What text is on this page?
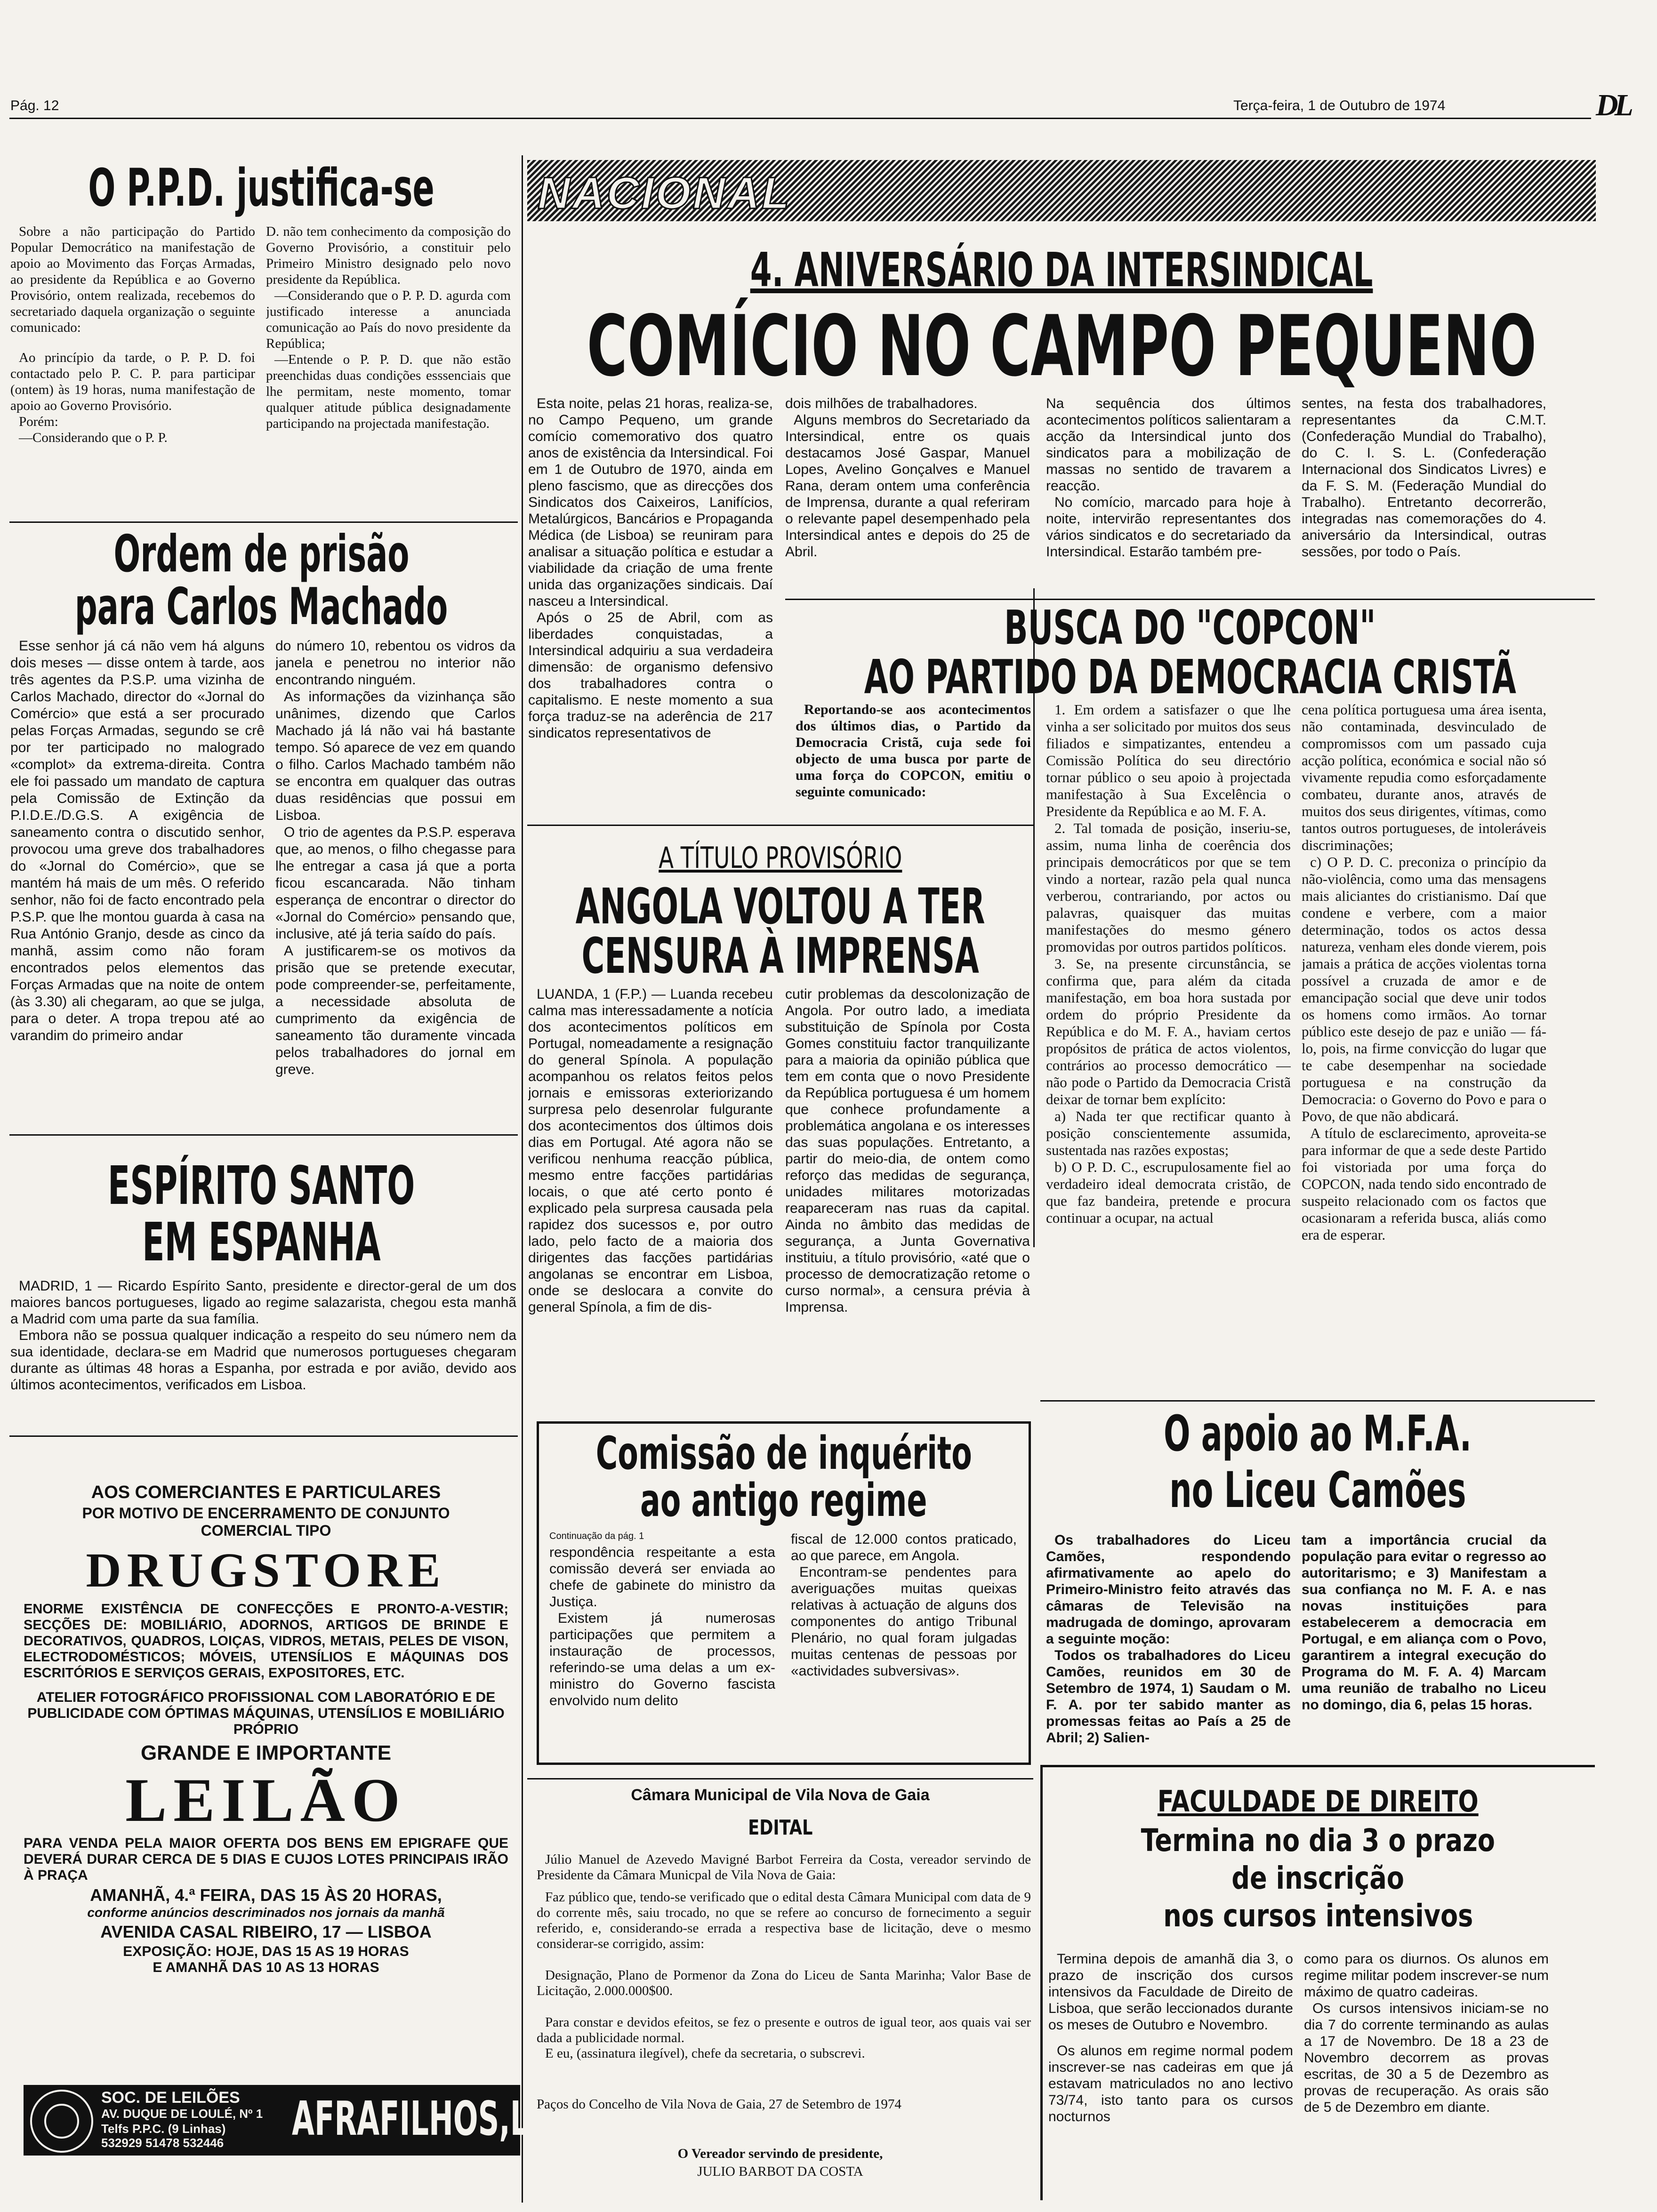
Pág. 12	Terça-feira, 1 de Outubro de 1974	DL
O P.P.D. justifica-se

Sobre a não participação do Partido Popular Democrático na manifestação de apoio ao Movimento das Forças Armadas, ao presidente da República e ao Governo Provisório, ontem realizada, recebemos do secretariado daquela organização o seguinte comunicado:

Ao princípio da tarde, o P. P. D. foi contactado pelo P. C. P. para participar (ontem) às 19 horas, numa manifestação de apoio ao Governo Provisório.

Porém:

—Considerando que o P. P.

D. não tem conhecimento da composição do Governo Provisório, a constituir pelo Primeiro Ministro designado pelo novo presidente da República.

—Considerando que o P. P. D. agurda com justificado interesse a anunciada comunicação ao País do novo presidente da República;

—Entende o P. P. D. que não estão preenchidas duas condições esssenciais que lhe permitam, neste momento, tomar qualquer atitude pública designadamente participando na projectada manifestação.

Ordem de prisão
para Carlos Machado

Esse senhor já cá não vem há alguns dois meses — disse ontem à tarde, aos três agentes da P.S.P. uma vizinha de Carlos Machado, director do «Jornal do Comércio» que está a ser procurado pelas Forças Armadas, segundo se crê por ter participado no malogrado «complot» da extrema-direita. Contra ele foi passado um mandato de captura pela Comissão de Extinção da P.I.D.E./D.G.S. A exigência de saneamento contra o discutido senhor, provocou uma greve dos trabalhadores do «Jornal do Comércio», que se mantém há mais de um mês. O referido senhor, não foi de facto encontrado pela P.S.P. que lhe montou guarda à casa na Rua António Granjo, desde as cinco da manhã, assim como não foram encontrados pelos elementos das Forças Armadas que na noite de ontem (às 3.30) ali chegaram, ao que se julga, para o deter. A tropa trepou até ao varandim do primeiro andar

do número 10, rebentou os vidros da janela e penetrou no interior não encontrando ninguém.

As informações da vizinhança são unânimes, dizendo que Carlos Machado já lá não vai há bastante tempo. Só aparece de vez em quando o filho. Carlos Machado também não se encontra em qualquer das outras duas residências que possui em Lisboa.

O trio de agentes da P.S.P. esperava que, ao menos, o filho chegasse para lhe entregar a casa já que a porta ficou escancarada. Não tinham esperança de encontrar o director do «Jornal do Comércio» pensando que, inclusive, até já teria saído do país.

A justificarem-se os motivos da prisão que se pretende executar, pode compreender-se, perfeitamente, a necessidade absoluta de cumprimento da exigência de saneamento tão duramente vincada pelos trabalhadores do jornal em greve.

ESPÍRITO SANTO
EM ESPANHA

MADRID, 1 — Ricardo Espírito Santo, presidente e director-geral de um dos maiores bancos portugueses, ligado ao regime salazarista, chegou esta manhã a Madrid com uma parte da sua família.

Embora não se possua qualquer indicação a respeito do seu número nem da sua identidade, declara-se em Madrid que numerosos portugueses chegaram durante as últimas 48 horas a Espanha, por estrada e por avião, devido aos últimos acontecimentos, verificados em Lisboa.

AOS COMERCIANTES E PARTICULARES
POR MOTIVO DE ENCERRAMENTO DE CONJUNTO COMERCIAL TIPO
DRUGSTORE
ENORME EXISTÊNCIA DE CONFECÇÕES E PRONTO-A-VESTIR; SECÇÕES DE: MOBILIÁRIO, ADORNOS, ARTIGOS DE BRINDE E DECORATIVOS, QUADROS, LOIÇAS, VIDROS, METAIS, PELES DE VISON, ELECTRODOMÉSTICOS; MÓVEIS, UTENSÍLIOS E MÁQUINAS DOS ESCRITÓRIOS E SERVIÇOS GERAIS, EXPOSITORES, ETC.
ATELIER FOTOGRÁFICO PROFISSIONAL COM LABORATÓRIO E DE PUBLICIDADE COM ÓPTIMAS MÁQUINAS, UTENSÍLIOS E MOBILIÁRIO PRÓPRIO
GRANDE E IMPORTANTE
LEILÃO
PARA VENDA PELA MAIOR OFERTA DOS BENS EM EPIGRAFE QUE DEVERÁ DURAR CERCA DE 5 DIAS E CUJOS LOTES PRINCIPAIS IRÃO À PRAÇA
AMANHÃ, 4.ª FEIRA, DAS 15 ÀS 20 HORAS,
conforme anúncios descriminados nos jornais da manhã
AVENIDA CASAL RIBEIRO, 17 — LISBOA
EXPOSIÇÃO: HOJE, DAS 15 AS 19 HORAS
E AMANHÃ DAS 10 AS 13 HORAS
SOC. DE LEILÕES
AV. DUQUE DE LOULÉ, Nº 1
Telfs P.P.C. (9 Linhas)
532929 51478 532446 AFRAFILHOS,Lda
NACIONAL
4. ANIVERSÁRIO DA INTERSINDICAL
COMÍCIO NO CAMPO PEQUENO

Esta noite, pelas 21 horas, realiza-se, no Campo Pequeno, um grande comício comemorativo dos quatro anos de existência da Intersindical. Foi em 1 de Outubro de 1970, ainda em pleno fascismo, que as direcções dos Sindicatos dos Caixeiros, Lanifícios, Metalúrgicos, Bancários e Propaganda Médica (de Lisboa) se reuniram para analisar a situação política e estudar a viabilidade da criação de uma frente unida das organizações sindicais. Daí nasceu a Intersindical.

Após o 25 de Abril, com as liberdades conquistadas, a Intersindical adquiriu a sua verdadeira dimensão: de organismo defensivo dos trabalhadores contra o capitalismo. E neste momento a sua força traduz-se na aderência de 217 sindicatos representativos de

dois milhões de trabalhadores.

Alguns membros do Secretariado da Intersindical, entre os quais destacamos José Gaspar, Manuel Lopes, Avelino Gonçalves e Manuel Rana, deram ontem uma conferência de Imprensa, durante a qual referiram o relevante papel desempenhado pela Intersindical antes e depois do 25 de Abril.

Na sequência dos últimos acontecimentos políticos salientaram a acção da Intersindical junto dos sindicatos para a mobilização de massas no sentido de travarem a reacção.

No comício, marcado para hoje à noite, intervirão representantes dos vários sindicatos e do secretariado da Intersindical. Estarão também pre-

sentes, na festa dos trabalhadores, representantes da C.M.T. (Confederação Mundial do Trabalho), do C. I. S. L. (Confederação Internacional dos Sindicatos Livres) e da F. S. M. (Federação Mundial do Trabalho). Entretanto decorrerão, integradas nas comemorações do 4. aniversário da Intersindical, outras sessões, por todo o País.

BUSCA DO "COPCON"
AO PARTIDO DA DEMOCRACIA CRISTÃ

Reportando-se aos acontecimentos dos últimos dias, o Partido da Democracia Cristã, cuja sede foi objecto de uma busca por parte de uma força do COPCON, emitiu o seguinte comunicado:

1. Em ordem a satisfazer o que lhe vinha a ser solicitado por muitos dos seus filiados e simpatizantes, entendeu a Comissão Política do seu directório tornar público o seu apoio à projectada manifestação à Sua Excelência o Presidente da República e ao M. F. A.

2. Tal tomada de posição, inseriu-se, assim, numa linha de coerência dos principais democráticos por que se tem vindo a nortear, razão pela qual nunca verberou, contrariando, por actos ou palavras, quaisquer das muitas manifestações do mesmo género promovidas por outros partidos políticos.

3. Se, na presente circunstância, se confirma que, para além da citada manifestação, em boa hora sustada por ordem do próprio Presidente da República e do M. F. A., haviam certos propósitos de prática de actos violentos, contrários ao processo democrático — não pode o Partido da Democracia Cristã deixar de tornar bem explícito:

a) Nada ter que rectificar quanto à posição conscientemente assumida, sustentada nas razões expostas;

b) O P. D. C., escrupulosamente fiel ao verdadeiro ideal democrata cristão, de que faz bandeira, pretende e procura continuar a ocupar, na actual

cena política portuguesa uma área isenta, não contaminada, desvinculado de compromissos com um passado cuja acção política, económica e social não só vivamente repudia como esforçadamente combateu, durante anos, através de muitos dos seus dirigentes, vítimas, como tantos outros portugueses, de intoleráveis discriminações;

c) O P. D. C. preconiza o princípio da não-violência, como uma das mensagens mais aliciantes do cristianismo. Daí que condene e verbere, com a maior determinação, todos os actos dessa natureza, venham eles donde vierem, pois jamais a prática de acções violentas torna possível a cruzada de amor e de emancipação social que deve unir todos os homens como irmãos. Ao tornar público este desejo de paz e união — fá-lo, pois, na firme convicção do lugar que te cabe desempenhar na sociedade portuguesa e na construção da Democracia: o Governo do Povo e para o Povo, de que não abdicará.

A título de esclarecimento, aproveita-se para informar de que a sede deste Partido foi vistoriada por uma força do COPCON, nada tendo sido encontrado de suspeito relacionado com os factos que ocasionaram a referida busca, aliás como era de esperar.

A TÍTULO PROVISÓRIO
ANGOLA VOLTOU A TER
CENSURA À IMPRENSA

LUANDA, 1 (F.P.) — Luanda recebeu calma mas interessadamente a notícia dos acontecimentos políticos em Portugal, nomeadamente a resignação do general Spínola. A população acompanhou os relatos feitos pelos jornais e emissoras exteriorizando surpresa pelo desenrolar fulgurante dos acontecimentos dos últimos dois dias em Portugal. Até agora não se verificou nenhuma reacção pública, mesmo entre facções partidárias locais, o que até certo ponto é explicado pela surpresa causada pela rapidez dos sucessos e, por outro lado, pelo facto de a maioria dos dirigentes das facções partidárias angolanas se encontrar em Lisboa, onde se deslocara a convite do general Spínola, a fim de dis-

cutir problemas da descolonização de Angola. Por outro lado, a imediata substituição de Spínola por Costa Gomes constituiu factor tranquilizante para a maioria da opinião pública que tem em conta que o novo Presidente da República portuguesa é um homem que conhece profundamente a problemática angolana e os interesses das suas populações. Entretanto, a partir do meio-dia, de ontem como reforço das medidas de segurança, unidades militares motorizadas reapareceram nas ruas da capital. Ainda no âmbito das medidas de segurança, a Junta Governativa instituiu, a título provisório, «até que o processo de democratização retome o curso normal», a censura prévia à Imprensa.

Comissão de inquérito
ao antigo regime
Continuação da pág. 1

respondência respeitante a esta comissão deverá ser enviada ao chefe de gabinete do ministro da Justiça.

Existem já numerosas participações que permitem a instauração de processos, referindo-se uma delas a um ex-ministro do Governo fascista envolvido num delito

fiscal de 12.000 contos praticado, ao que parece, em Angola.

Encontram-se pendentes para averiguações muitas queixas relativas à actuação de alguns dos componentes do antigo Tribunal Plenário, no qual foram julgadas muitas centenas de pessoas por «actividades subversivas».

Câmara Municipal de Vila Nova de Gaia
EDITAL

Júlio Manuel de Azevedo Mavigné Barbot Ferreira da Costa, vereador servindo de Presidente da Câmara Municpal de Vila Nova de Gaia:

Faz público que, tendo-se verificado que o edital desta Câmara Municipal com data de 9 do corrente mês, saiu trocado, no que se refere ao concurso de fornecimento a seguir referido, e, considerando-se errada a respectiva base de licitação, deve o mesmo considerar-se corrigido, assim:

Designação, Plano de Pormenor da Zona do Liceu de Santa Marinha; Valor Base de Licitação, 2.000.000$00.

Para constar e devidos efeitos, se fez o presente e outros de igual teor, aos quais vai ser dada a publicidade normal.

E eu, (assinatura ilegível), chefe da secretaria, o subscrevi.

Paços do Concelho de Vila Nova de Gaia, 27 de Setembro de 1974
O Vereador servindo de presidente,
JULIO BARBOT DA COSTA
O apoio ao M.F.A.
no Liceu Camões

Os trabalhadores do Liceu Camões, respondendo afirmativamente ao apelo do Primeiro-Ministro feito através das câmaras de Televisão na madrugada de domingo, aprovaram a seguinte moção:

Todos os trabalhadores do Liceu Camões, reunidos em 30 de Setembro de 1974, 1) Saudam o M. F. A. por ter sabido manter as promessas feitas ao País a 25 de Abril; 2) Salien-

tam a importância crucial da população para evitar o regresso ao autoritarismo; e 3) Manifestam a sua confiança no M. F. A. e nas novas instituições para estabelecerem a democracia em Portugal, e em aliança com o Povo, garantirem a integral execução do Programa do M. F. A. 4) Marcam uma reunião de trabalho no Liceu no domingo, dia 6, pelas 15 horas.

FACULDADE DE DIREITO
Termina no dia 3 o prazo
de inscrição
nos cursos intensivos

Termina depois de amanhã dia 3, o prazo de inscrição dos cursos intensivos da Faculdade de Direito de Lisboa, que serão leccionados durante os meses de Outubro e Novembro.

Os alunos em regime normal podem inscrever-se nas cadeiras em que já estavam matriculados no ano lectivo 73/74, isto tanto para os cursos nocturnos

como para os diurnos. Os alunos em regime militar podem inscrever-se num máximo de quatro cadeiras.

Os cursos intensivos iniciam-se no dia 7 do corrente terminando as aulas a 17 de Novembro. De 18 a 23 de Novembro decorrem as provas escritas, de 30 a 5 de Dezembro as provas de recuperação. As orais são de 5 de Dezembro em diante.
